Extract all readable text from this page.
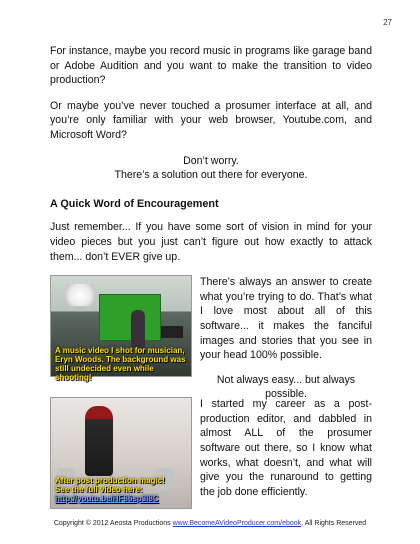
27

For instance, maybe you record music in programs like garage band or Adobe Audition and you want to make the transition to video production?

Or maybe you’ve never touched a prosumer interface at all, and you’re only familiar with your web browser, Youtube.com, and Microsoft Word?

Don’t worry.
There’s a solution out there for everyone.

A Quick Word of Encouragement

Just remember... If you have some sort of vision in mind for your video pieces but you just can’t figure out how exactly to attack them... don’t EVER give up.

A music video I shot for musician, Eryn Woods. The background was still undecided even while shooting!

There’s always an answer to create what you’re trying to do. That’s what I love most about all of this software... it makes the fanciful images and stories that you see in your head 100% possible.

Not always easy... but always possible.

After post production magic!
See the full video here:
http://youtu.be/HF86sp3I8C

I started my career as a post-production editor, and dabbled in almost ALL of the prosumer software out there, so I know what works, what doesn’t, and what will give you the runaround to getting the job done efficiently.

Copyright © 2012 Aeosta Productions www.BecomeAVideoProducer.com/ebook, All Rights Reserved
